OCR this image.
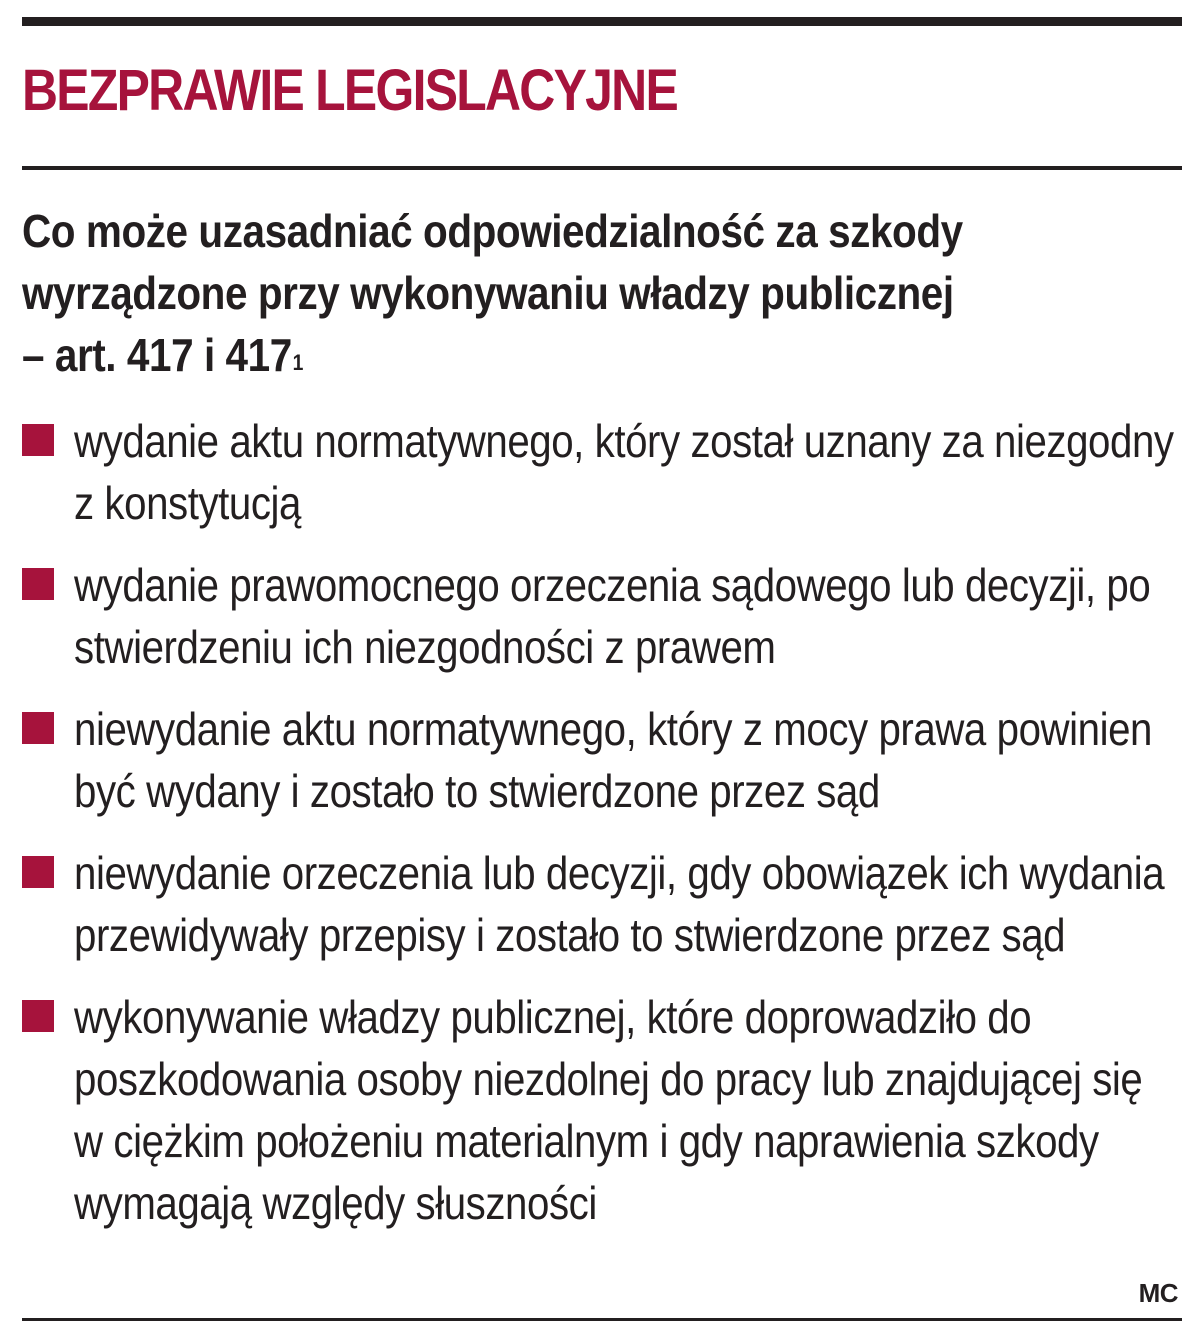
BEZPRAWIE LEGISLACYJNE
Co może uzasadniać odpowiedzialność za szkody
wyrządzone przy wykonywaniu władzy publicznej
– art. 417 i $417^1$
wydanie aktu normatywnego, który został uznany za niezgodny z konstytucją
wydanie prawomocnego orzeczenia sądowego lub decyzji, po stwierdzeniu ich niezgodności z prawem
niewydanie aktu normatywnego, który z mocy prawa powinien być wydany i zostało to stwierdzone przez sąd
niewydanie orzeczenia lub decyzji, gdy obowiązek ich wydania przewidywały przepisy i zostało to stwierdzone przez sąd
wykonywanie władzy publicznej, które doprowadziło do poszkodowania osoby niezdolnej do pracy lub znajdującej się w ciężkim położeniu materialnym i gdy naprawienia szkody wymagają względy słuszności
MC
